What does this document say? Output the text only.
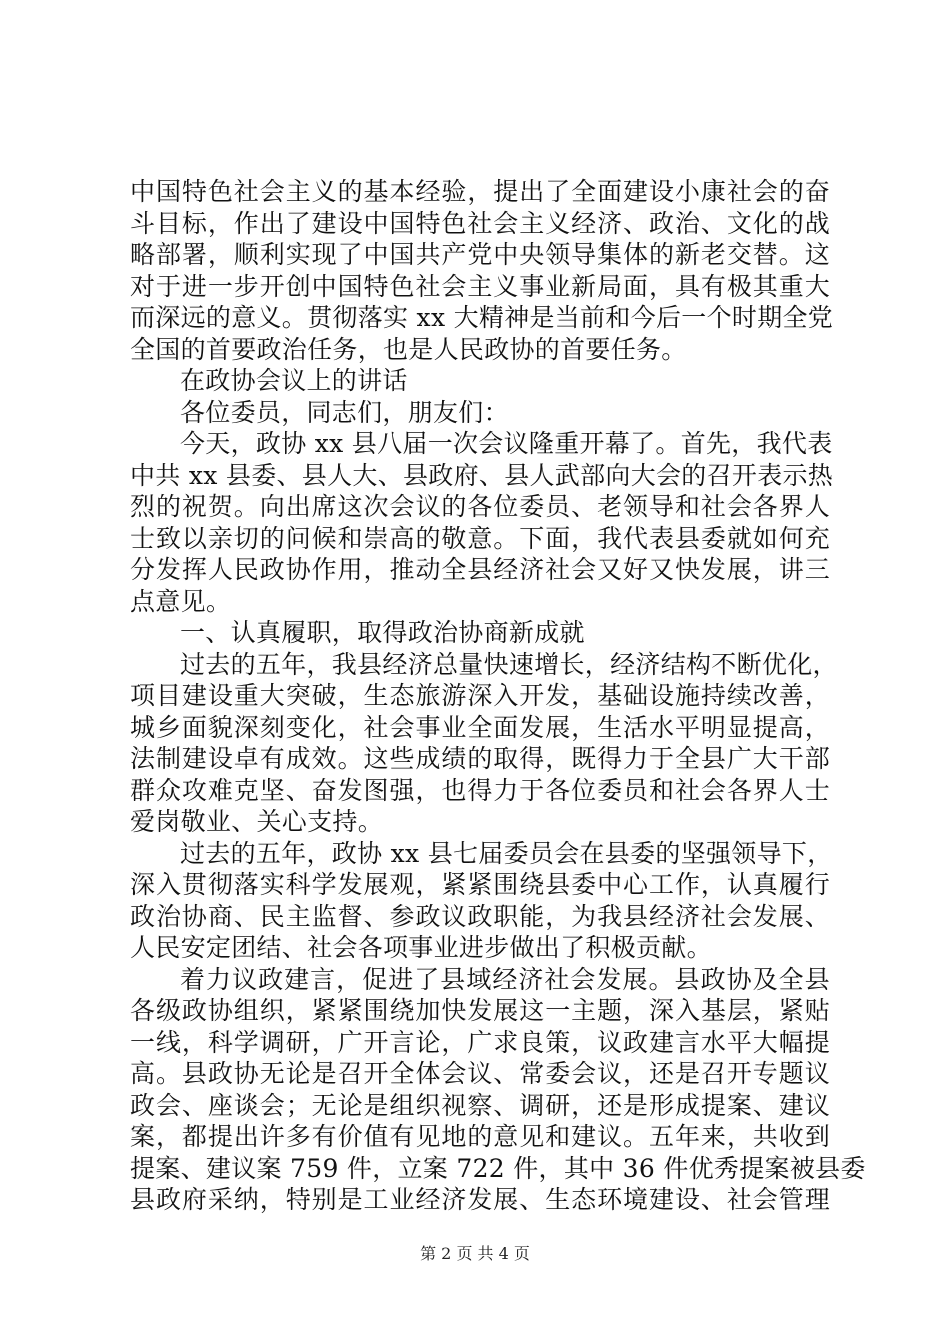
中国特色社会主义的基本经验，提出了全面建设小康社会的奋
斗目标，作出了建设中国特色社会主义经济、政治、文化的战
略部署，顺利实现了中国共产党中央领导集体的新老交替。这
对于进一步开创中国特色社会主义事业新局面，具有极其重大
而深远的意义。贯彻落实 xx 大精神是当前和今后一个时期全党
全国的首要政治任务，也是人民政协的首要任务。
在政协会议上的讲话
各位委员，同志们，朋友们：
今天，政协 xx 县八届一次会议隆重开幕了。首先，我代表
中共 xx 县委、县人大、县政府、县人武部向大会的召开表示热
烈的祝贺。向出席这次会议的各位委员、老领导和社会各界人
士致以亲切的问候和崇高的敬意。下面，我代表县委就如何充
分发挥人民政协作用，推动全县经济社会又好又快发展，讲三
点意见。
一、认真履职，取得政治协商新成就
过去的五年，我县经济总量快速增长，经济结构不断优化，
项目建设重大突破，生态旅游深入开发，基础设施持续改善，
城乡面貌深刻变化，社会事业全面发展，生活水平明显提高，
法制建设卓有成效。这些成绩的取得，既得力于全县广大干部
群众攻难克坚、奋发图强，也得力于各位委员和社会各界人士
爱岗敬业、关心支持。
过去的五年，政协 xx 县七届委员会在县委的坚强领导下，
深入贯彻落实科学发展观，紧紧围绕县委中心工作，认真履行
政治协商、民主监督、参政议政职能，为我县经济社会发展、
人民安定团结、社会各项事业进步做出了积极贡献。
着力议政建言，促进了县域经济社会发展。县政协及全县
各级政协组织，紧紧围绕加快发展这一主题，深入基层，紧贴
一线，科学调研，广开言论，广求良策，议政建言水平大幅提
高。县政协无论是召开全体会议、常委会议，还是召开专题议
政会、座谈会；无论是组织视察、调研，还是形成提案、建议
案，都提出许多有价值有见地的意见和建议。五年来，共收到
提案、建议案 759 件，立案 722 件，其中 36 件优秀提案被县委
县政府采纳，特别是工业经济发展、生态环境建设、社会管理
第 2 页 共 4 页
